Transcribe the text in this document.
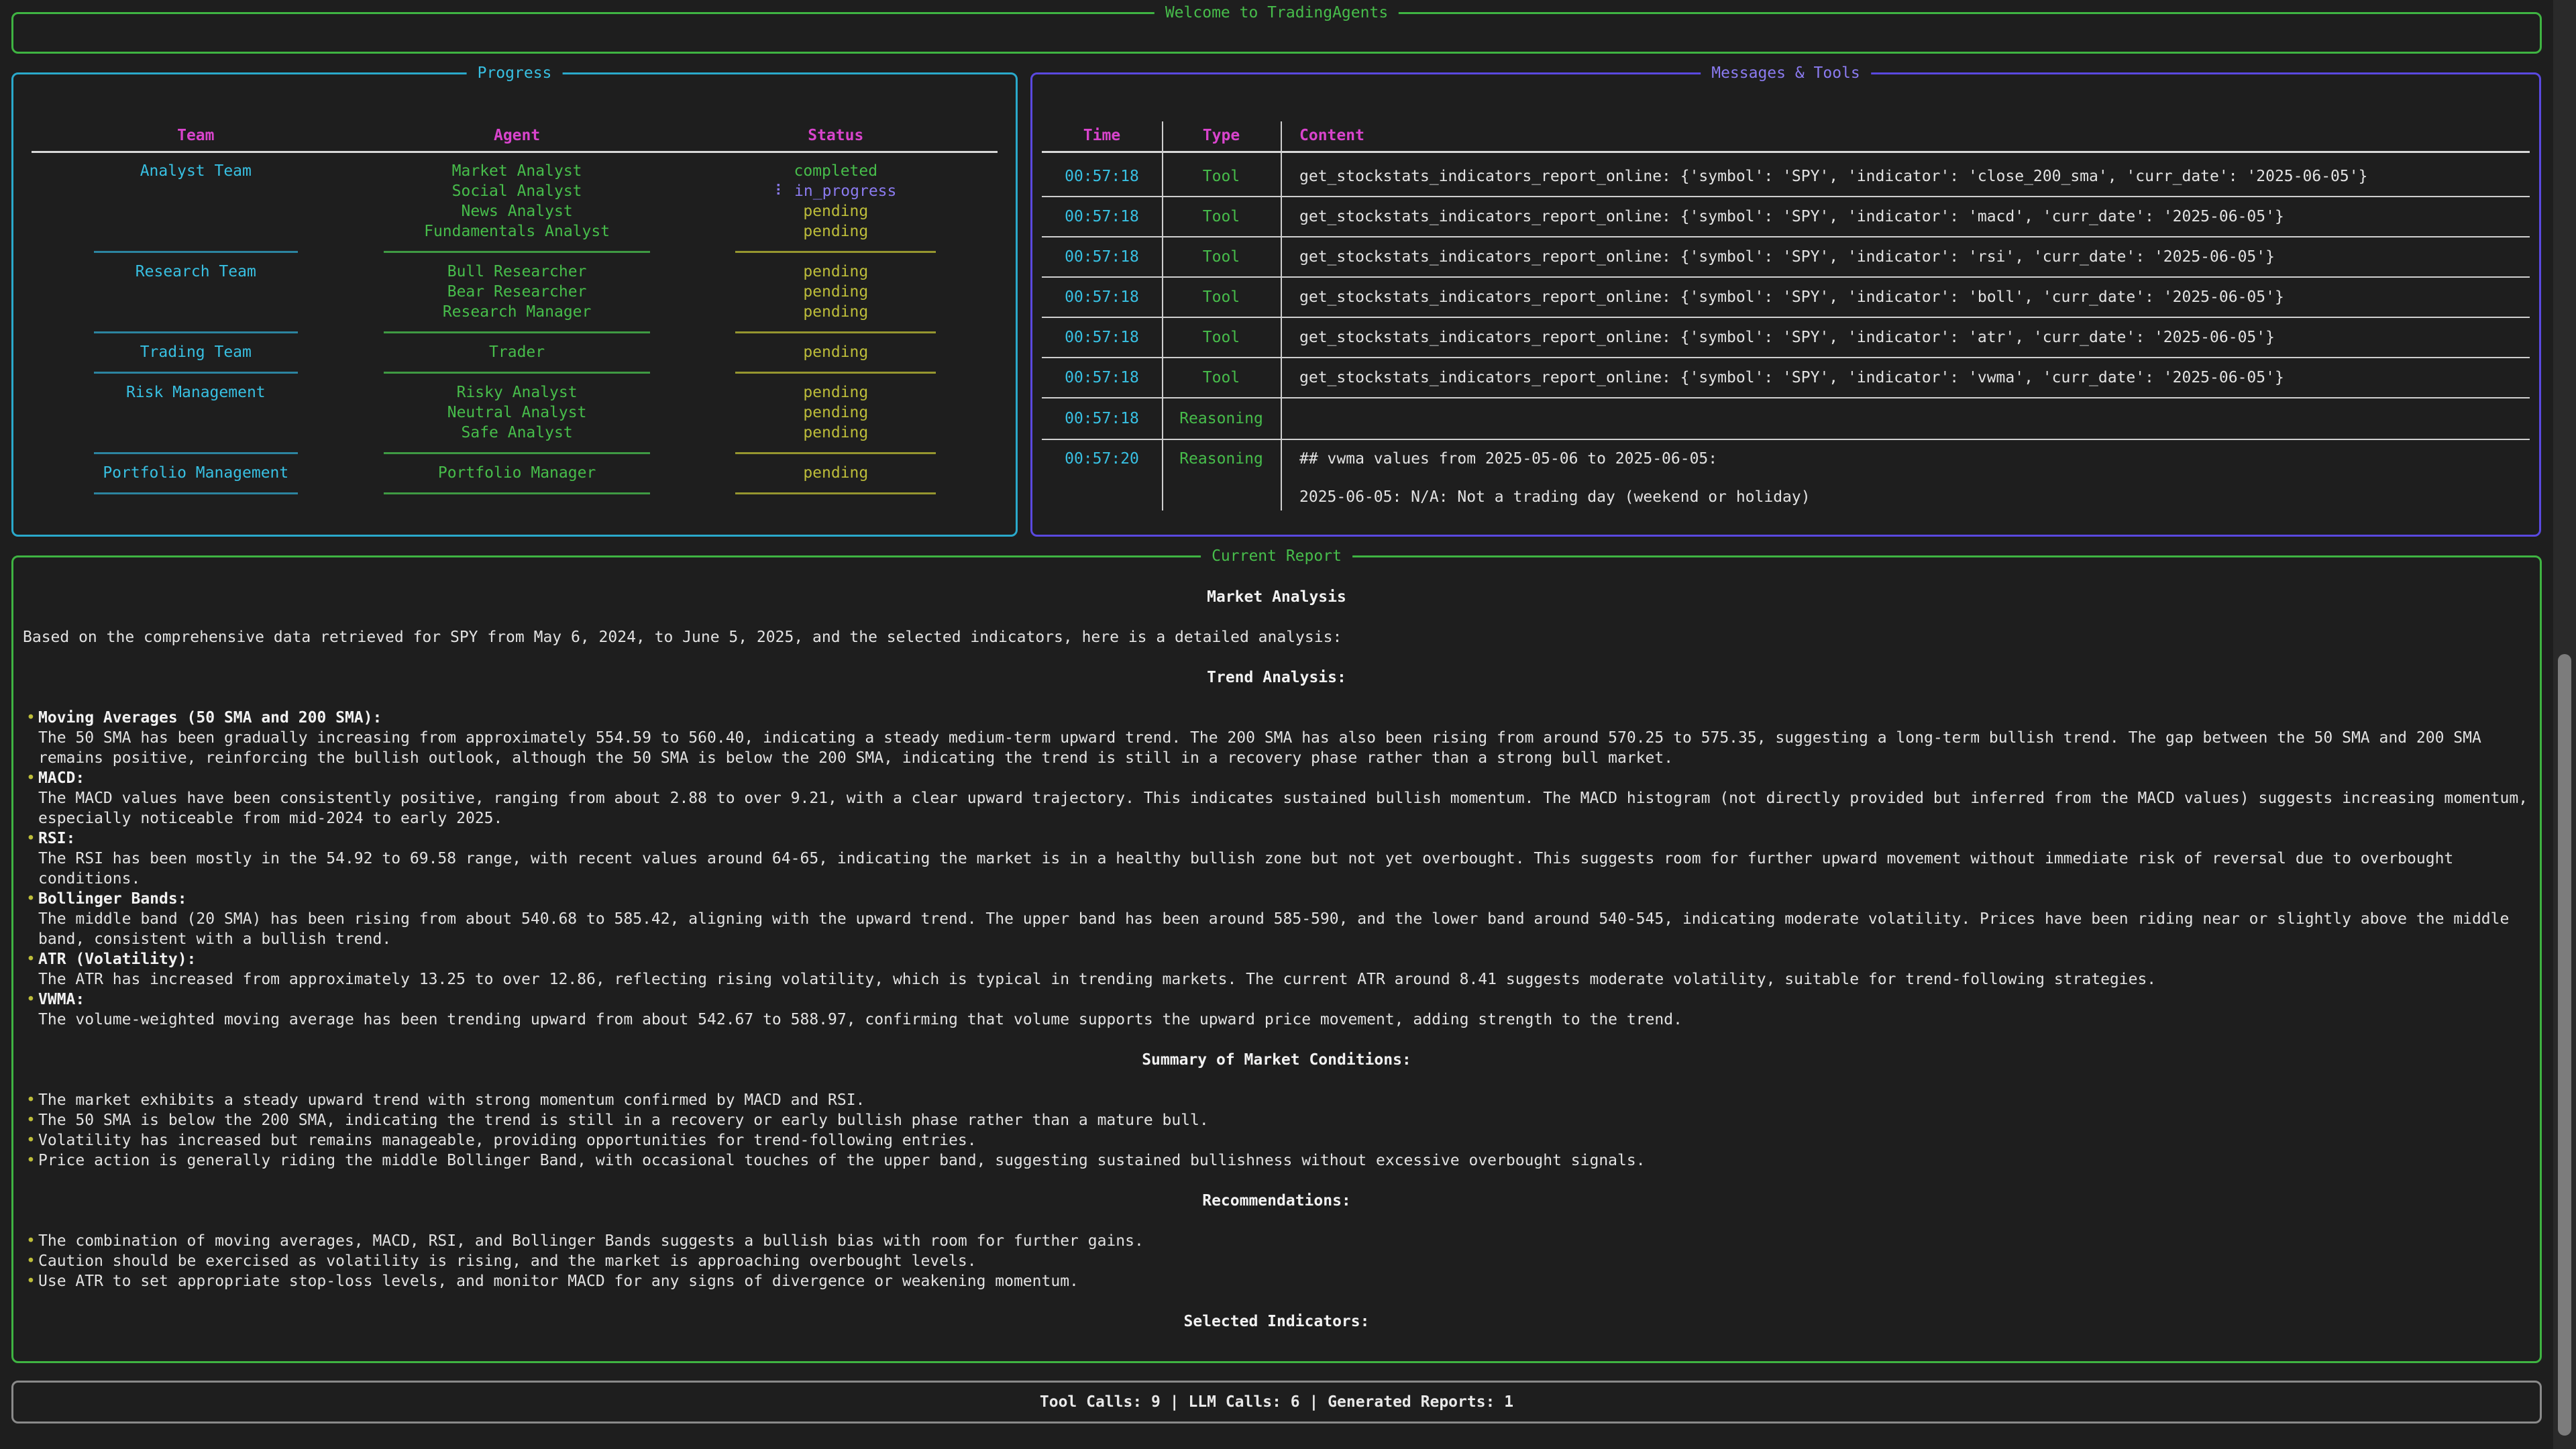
Welcome to TradingAgents
Progress
Team	Agent	Status
Analyst Team	Market Analyst	completed
Social Analyst	⠇ in_progress
News Analyst	pending
Fundamentals Analyst	pending
Research Team	Bull Researcher	pending
Bear Researcher	pending
Research Manager	pending
Trading Team	Trader	pending
Risk Management	Risky Analyst	pending
Neutral Analyst	pending
Safe Analyst	pending
Portfolio Management	Portfolio Manager	pending
Messages & Tools
Time	Type	Content
00:57:18	Tool	get_stockstats_indicators_report_online: {'symbol': 'SPY', 'indicator': 'close_200_sma', 'curr_date': '2025-06-05'}
00:57:18	Tool	get_stockstats_indicators_report_online: {'symbol': 'SPY', 'indicator': 'macd', 'curr_date': '2025-06-05'}
00:57:18	Tool	get_stockstats_indicators_report_online: {'symbol': 'SPY', 'indicator': 'rsi', 'curr_date': '2025-06-05'}
00:57:18	Tool	get_stockstats_indicators_report_online: {'symbol': 'SPY', 'indicator': 'boll', 'curr_date': '2025-06-05'}
00:57:18	Tool	get_stockstats_indicators_report_online: {'symbol': 'SPY', 'indicator': 'atr', 'curr_date': '2025-06-05'}
00:57:18	Tool	get_stockstats_indicators_report_online: {'symbol': 'SPY', 'indicator': 'vwma', 'curr_date': '2025-06-05'}
00:57:18	Reasoning
00:57:20	Reasoning	## vwma values from 2025-05-06 to 2025-06-05:
2025-06-05: N/A: Not a trading day (weekend or holiday)
Current Report
Market Analysis
Based on the comprehensive data retrieved for SPY from May 6, 2024, to June 5, 2025, and the selected indicators, here is a detailed analysis:
Trend Analysis:
• Moving Averages (50 SMA and 200 SMA):
The 50 SMA has been gradually increasing from approximately 554.59 to 560.40, indicating a steady medium-term upward trend. The 200 SMA has also been rising from around 570.25 to 575.35, suggesting a long-term bullish trend. The gap between the 50 SMA and 200 SMA remains positive, reinforcing the bullish outlook, although the 50 SMA is below the 200 SMA, indicating the trend is still in a recovery phase rather than a strong bull market.
• MACD:
The MACD values have been consistently positive, ranging from about 2.88 to over 9.21, with a clear upward trajectory. This indicates sustained bullish momentum. The MACD histogram (not directly provided but inferred from the MACD values) suggests increasing momentum, especially noticeable from mid-2024 to early 2025.
• RSI:
The RSI has been mostly in the 54.92 to 69.58 range, with recent values around 64-65, indicating the market is in a healthy bullish zone but not yet overbought. This suggests room for further upward movement without immediate risk of reversal due to overbought conditions.
• Bollinger Bands:
The middle band (20 SMA) has been rising from about 540.68 to 585.42, aligning with the upward trend. The upper band has been around 585-590, and the lower band around 540-545, indicating moderate volatility. Prices have been riding near or slightly above the middle band, consistent with a bullish trend.
• ATR (Volatility):
The ATR has increased from approximately 13.25 to over 12.86, reflecting rising volatility, which is typical in trending markets. The current ATR around 8.41 suggests moderate volatility, suitable for trend-following strategies.
• VWMA:
The volume-weighted moving average has been trending upward from about 542.67 to 588.97, confirming that volume supports the upward price movement, adding strength to the trend.
Summary of Market Conditions:
• The market exhibits a steady upward trend with strong momentum confirmed by MACD and RSI.
• The 50 SMA is below the 200 SMA, indicating the trend is still in a recovery or early bullish phase rather than a mature bull.
• Volatility has increased but remains manageable, providing opportunities for trend-following entries.
• Price action is generally riding the middle Bollinger Band, with occasional touches of the upper band, suggesting sustained bullishness without excessive overbought signals.
Recommendations:
• The combination of moving averages, MACD, RSI, and Bollinger Bands suggests a bullish bias with room for further gains.
• Caution should be exercised as volatility is rising, and the market is approaching overbought levels.
• Use ATR to set appropriate stop-loss levels, and monitor MACD for any signs of divergence or weakening momentum.
Selected Indicators:
Tool Calls: 9 | LLM Calls: 6 | Generated Reports: 1
